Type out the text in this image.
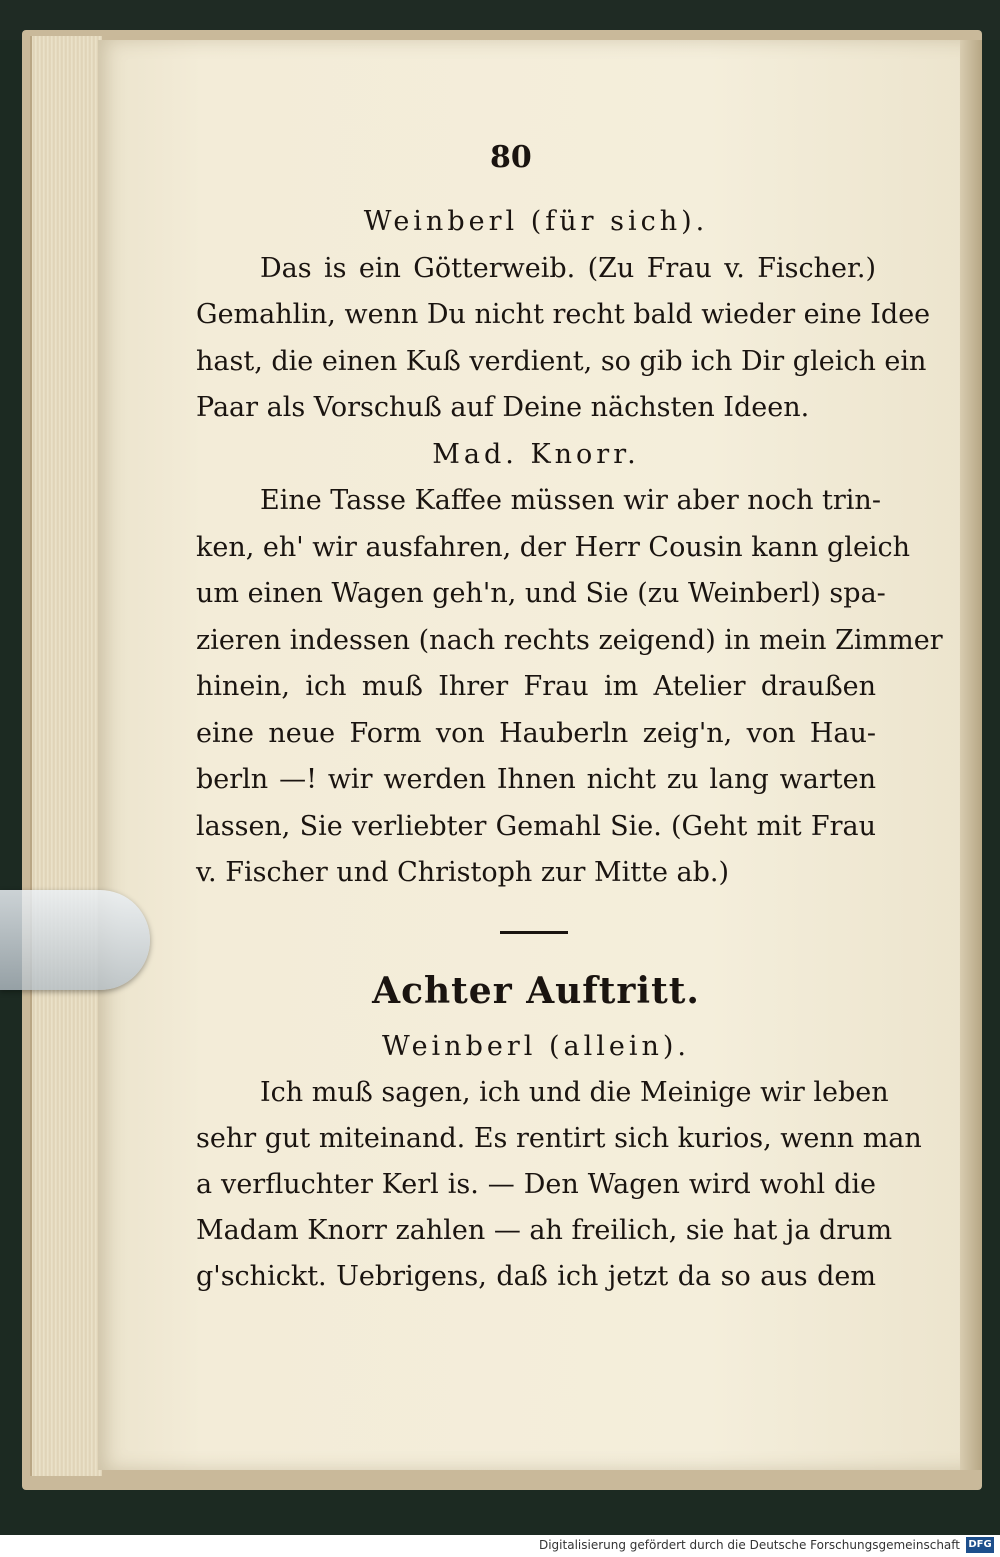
80
Weinberl (für sich).
Das is ein Götterweib. (Zu Frau v. Fischer.)
Gemahlin, wenn Du nicht recht bald wieder eine Idee
hast, die einen Kuß verdient, so gib ich Dir gleich ein
Paar als Vorschuß auf Deine nächsten Ideen.
Mad. Knorr.
Eine Tasse Kaffee müssen wir aber noch trin-
ken, eh' wir ausfahren, der Herr Cousin kann gleich
um einen Wagen geh'n, und Sie (zu Weinberl) spa-
zieren indessen (nach rechts zeigend) in mein Zimmer
hinein, ich muß Ihrer Frau im Atelier draußen
eine neue Form von Hauberln zeig'n, von Hau-
berln —! wir werden Ihnen nicht zu lang warten
lassen, Sie verliebter Gemahl Sie. (Geht mit Frau
v. Fischer und Christoph zur Mitte ab.)
Achter Auftritt.
Weinberl (allein).
Ich muß sagen, ich und die Meinige wir leben
sehr gut miteinand. Es rentirt sich kurios, wenn man
a verfluchter Kerl is. — Den Wagen wird wohl die
Madam Knorr zahlen — ah freilich, sie hat ja drum
g'schickt. Uebrigens, daß ich jetzt da so aus dem
Digitalisierung gefördert durch die Deutsche Forschungsgemeinschaft DFG
